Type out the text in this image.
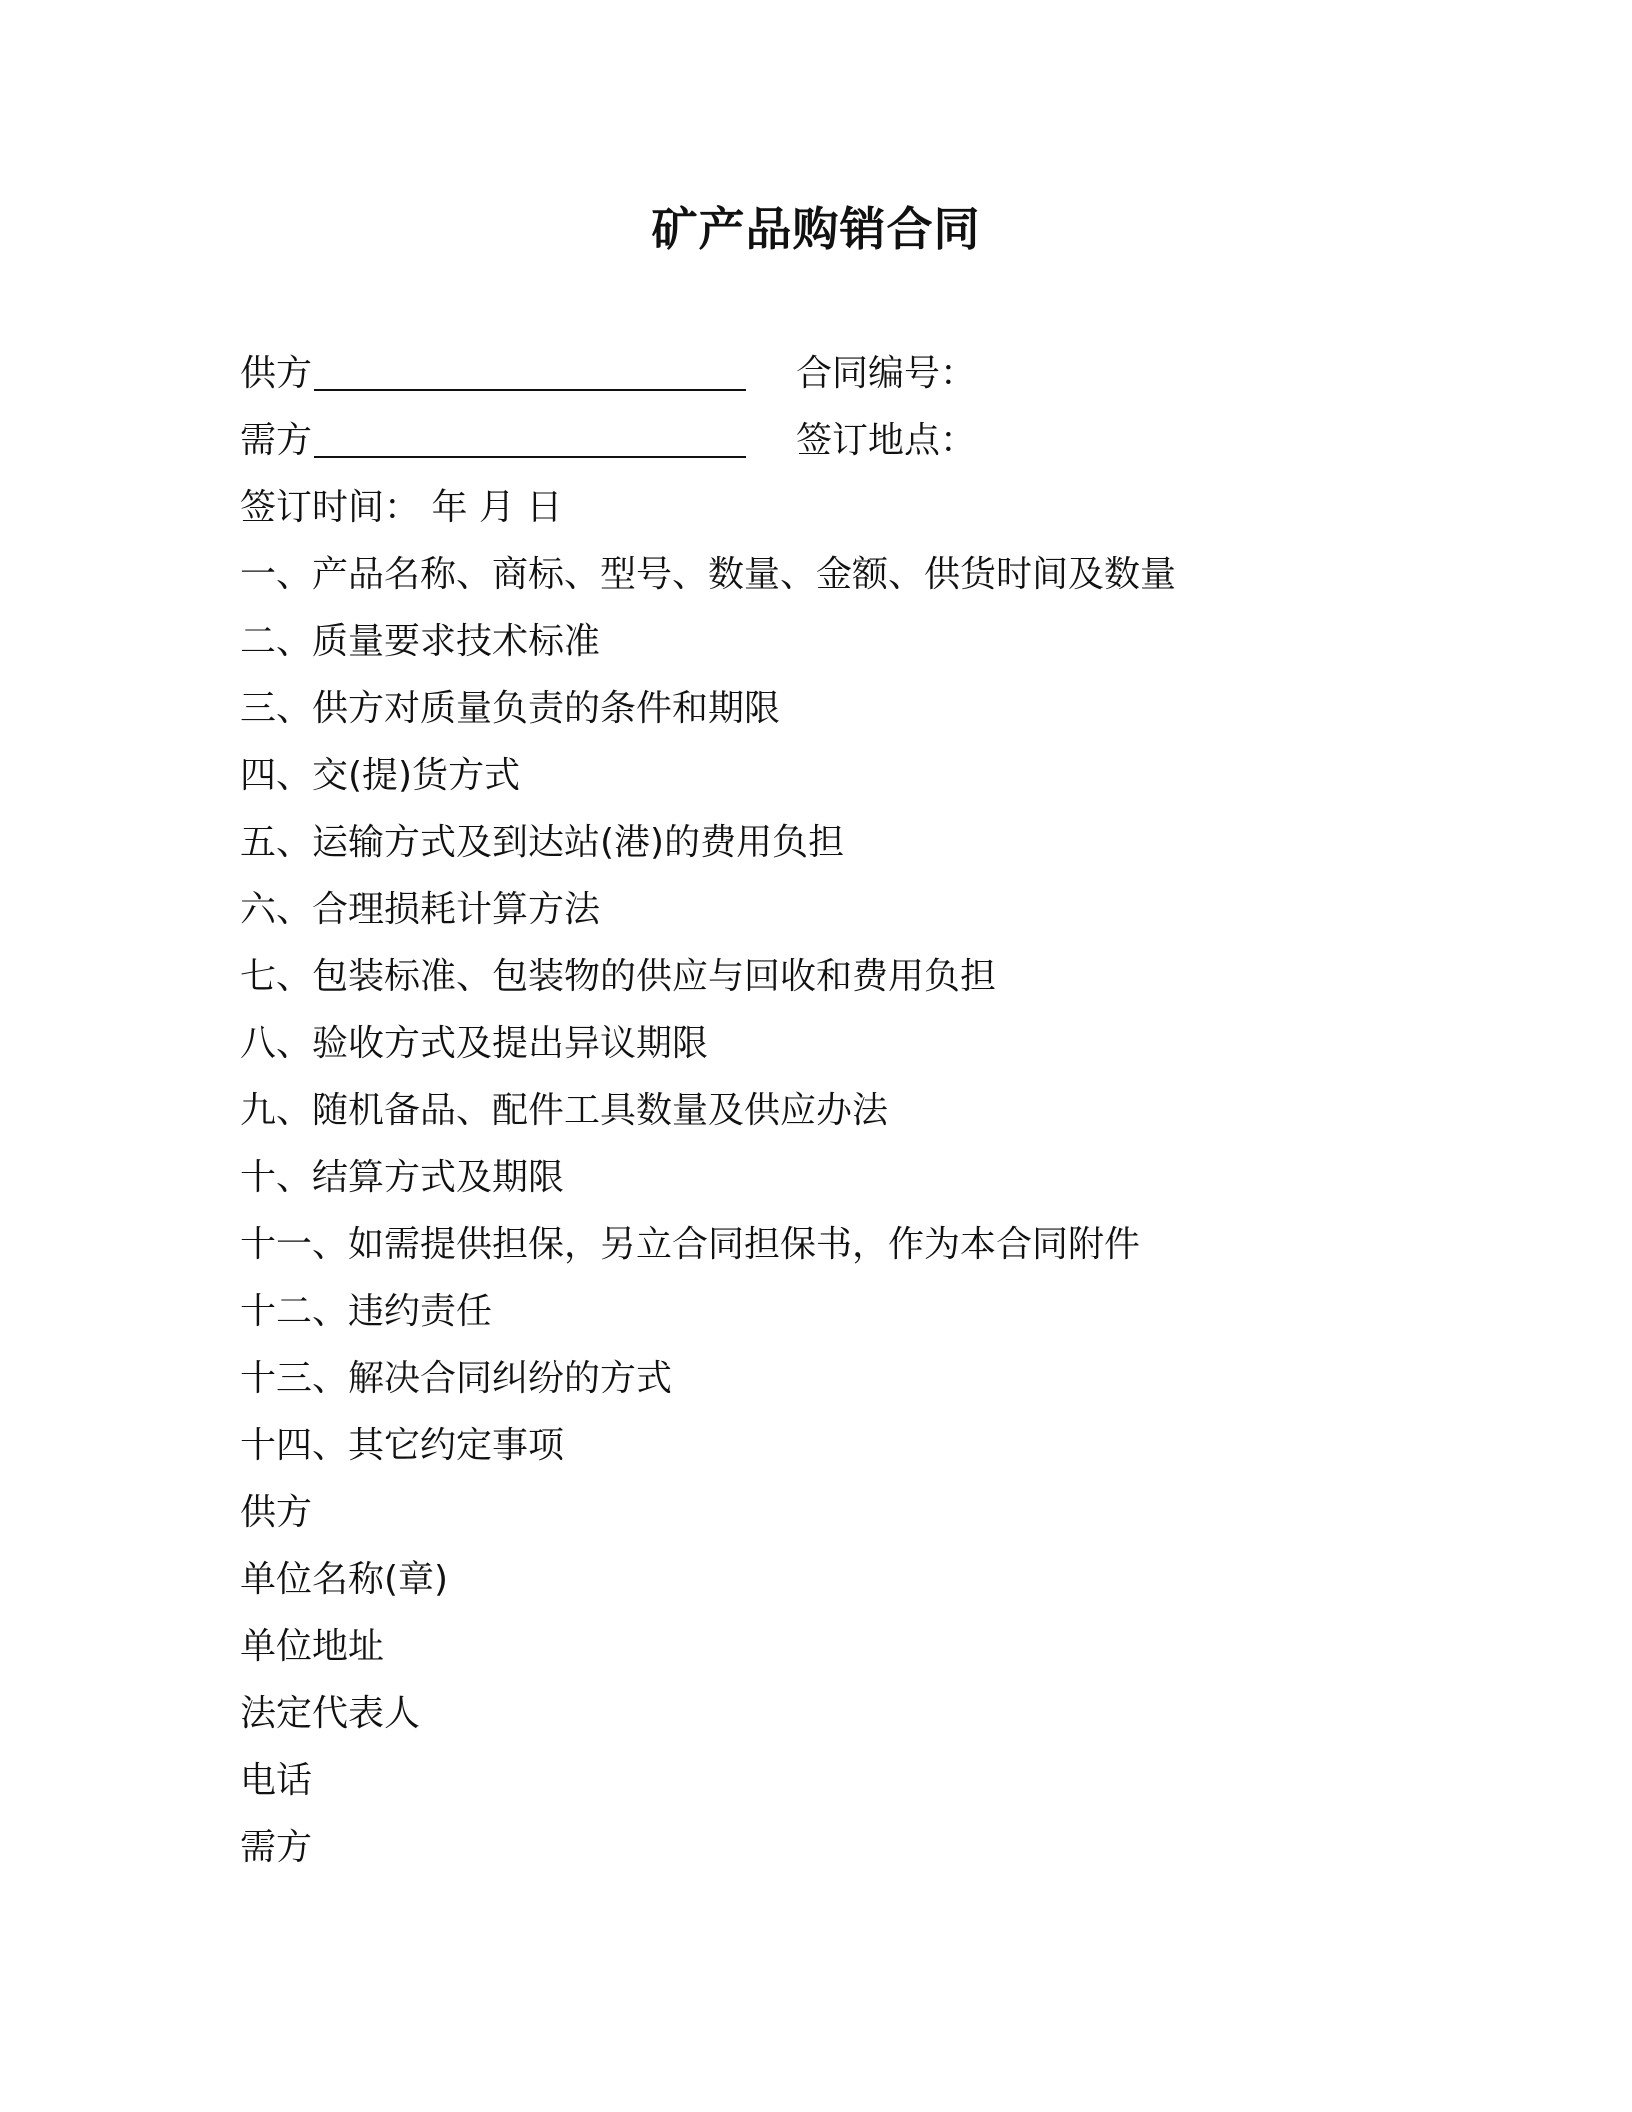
矿产品购销合同
供方	合同编号：
需方	签订地点：
签订时间： 年 月 日
一、产品名称、商标、型号、数量、金额、供货时间及数量
二、质量要求技术标准
三、供方对质量负责的条件和期限
四、交(提)货方式
五、运输方式及到达站(港)的费用负担
六、合理损耗计算方法
七、包装标准、包装物的供应与回收和费用负担
八、验收方式及提出异议期限
九、随机备品、配件工具数量及供应办法
十、结算方式及期限
十一、如需提供担保，另立合同担保书，作为本合同附件
十二、违约责任
十三、解决合同纠纷的方式
十四、其它约定事项
供方
单位名称(章)
单位地址
法定代表人
电话
需方
